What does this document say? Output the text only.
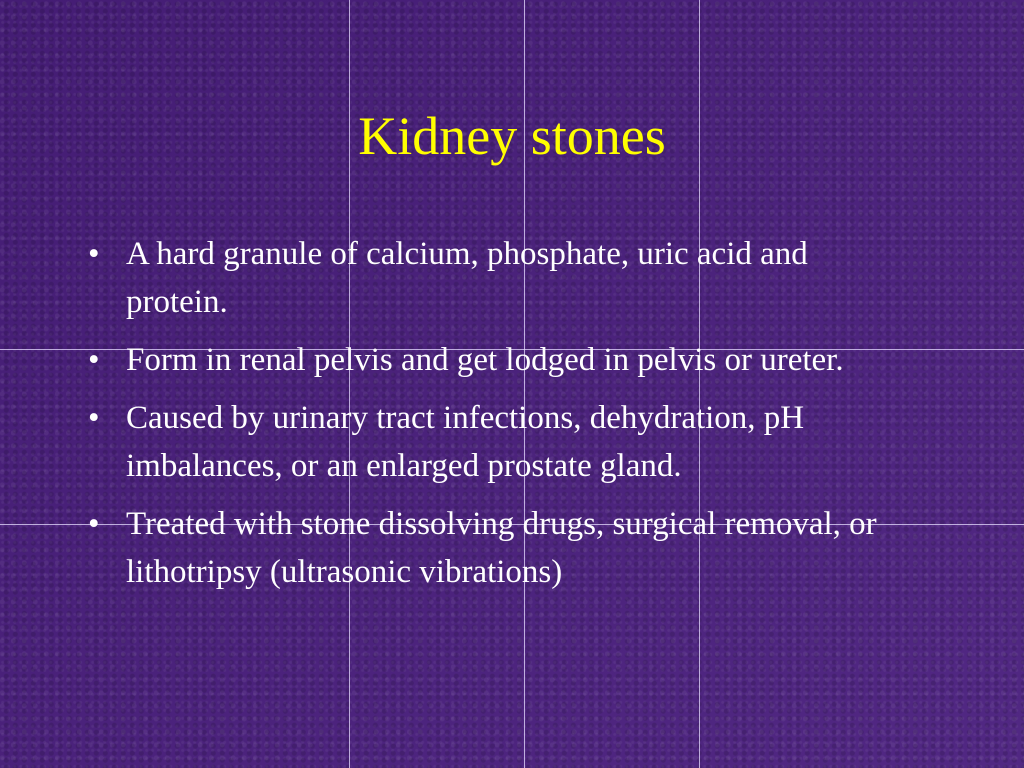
Kidney stones
• A hard granule of calcium, phosphate, uric acid and protein.
• Form in renal pelvis and get lodged in pelvis or ureter.
• Caused by urinary tract infections, dehydration, pH imbalances, or an enlarged prostate gland.
• Treated with stone dissolving drugs, surgical removal, or lithotripsy (ultrasonic vibrations)
